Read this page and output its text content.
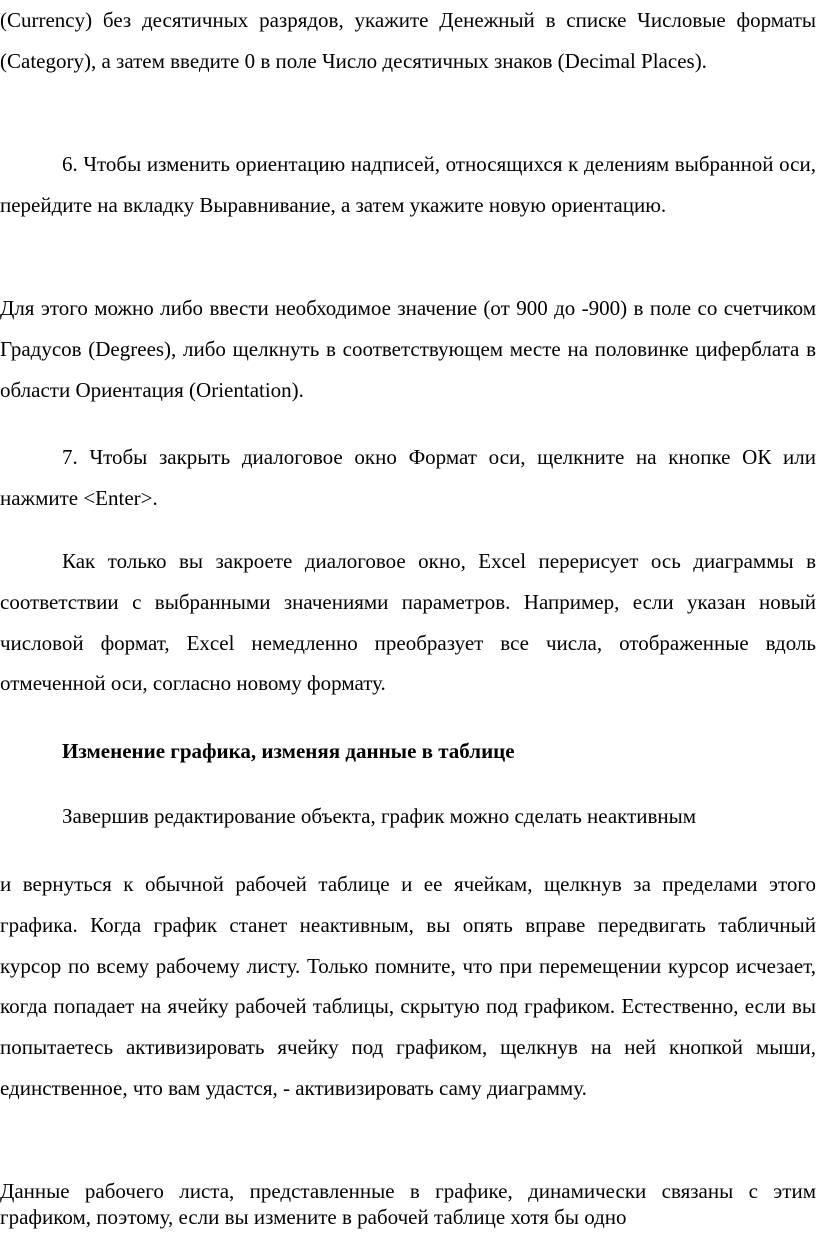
(Currency) без десятичных разрядов, укажите Денежный в списке Числовые форматы (Category), а затем введите 0 в поле Число десятичных знаков (Decimal Places).

6. Чтобы изменить ориентацию надписей, относящихся к делениям выбранной оси, перейдите на вкладку Выравнивание, а затем укажите новую ориентацию.

Для этого можно либо ввести необходимое значение (от 900 до -900) в поле со счетчиком Градусов (Degrees), либо щелкнуть в соответствующем месте на половинке циферблата в области Ориентация (Orientation).

7. Чтобы закрыть диалоговое окно Формат оси, щелкните на кнопке ОК или нажмите <Enter>.

Как только вы закроете диалоговое окно, Excel перерисует ось диаграммы в соответствии с выбранными значениями параметров. Например, если указан новый числовой формат, Excel немедленно преобразует все числа, отображенные вдоль отмеченной оси, согласно новому формату.

Изменение графика, изменяя данные в таблице

Завершив редактирование объекта, график можно сделать неактивным

и вернуться к обычной рабочей таблице и ее ячейкам, щелкнув за пределами этого графика. Когда график станет неактивным, вы опять вправе передвигать табличный курсор по всему рабочему листу. Только помните, что при перемещении курсор исчезает, когда попадает на ячейку рабочей таблицы, скрытую под графиком. Естественно, если вы попытаетесь активизировать ячейку под графиком, щелкнув на ней кнопкой мыши, единственное, что вам удастся, - активизировать саму диаграмму.

Данные рабочего листа, представленные в графике, динамически связаны с этим графиком, поэтому, если вы измените в рабочей таблице хотя бы одно
